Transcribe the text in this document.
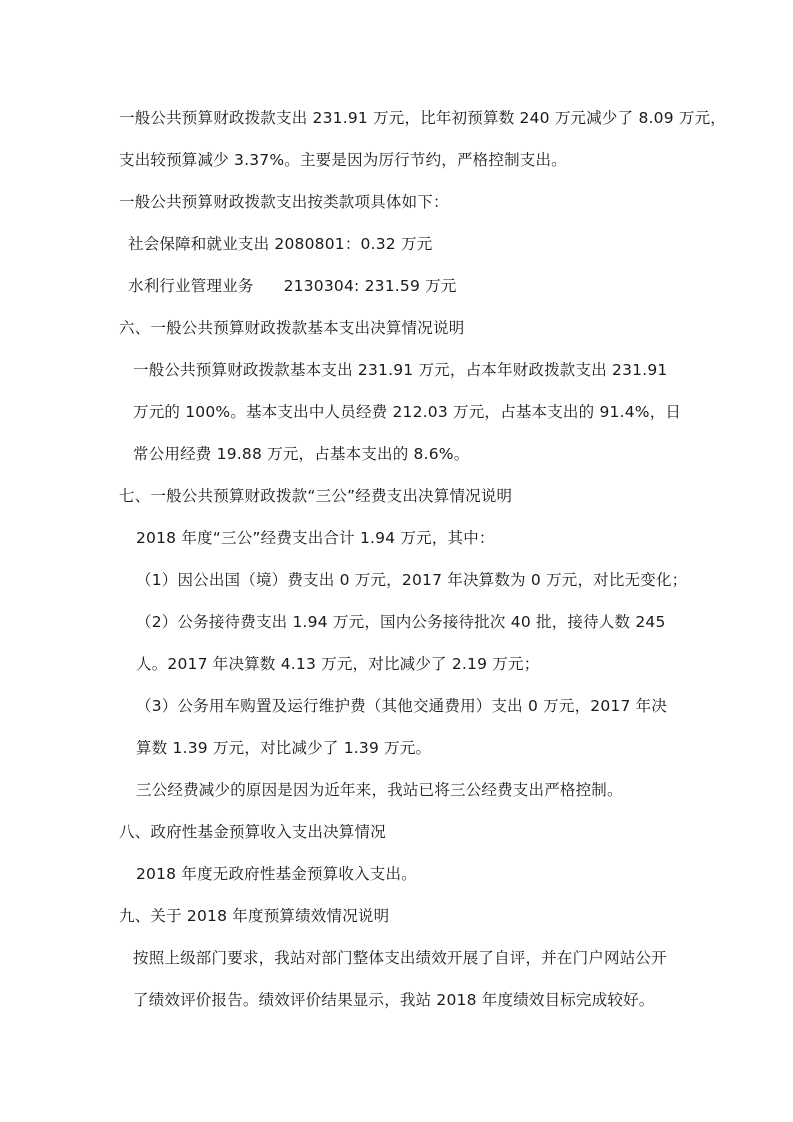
一般公共预算财政拨款支出 231.91 万元，比年初预算数 240 万元减少了 8.09 万元，
支出较预算减少 3.37%。主要是因为厉行节约，严格控制支出。
一般公共预算财政拨款支出按类款项具体如下：
社会保障和就业支出 2080801：0.32 万元
水利行业管理业务 2130304: 231.59 万元
六、一般公共预算财政拨款基本支出决算情况说明
一般公共预算财政拨款基本支出 231.91 万元，占本年财政拨款支出 231.91
万元的 100%。基本支出中人员经费 212.03 万元，占基本支出的 91.4%，日
常公用经费 19.88 万元，占基本支出的 8.6%。
七、一般公共预算财政拨款“三公”经费支出决算情况说明
2018 年度“三公”经费支出合计 1.94 万元，其中：
（1）因公出国（境）费支出 0 万元，2017 年决算数为 0 万元，对比无变化；
（2）公务接待费支出 1.94 万元，国内公务接待批次 40 批，接待人数 245
人。2017 年决算数 4.13 万元，对比减少了 2.19 万元；
（3）公务用车购置及运行维护费（其他交通费用）支出 0 万元，2017 年决
算数 1.39 万元，对比减少了 1.39 万元。
三公经费减少的原因是因为近年来，我站已将三公经费支出严格控制。
八、政府性基金预算收入支出决算情况
2018 年度无政府性基金预算收入支出。
九、关于 2018 年度预算绩效情况说明
按照上级部门要求，我站对部门整体支出绩效开展了自评，并在门户网站公开
了绩效评价报告。绩效评价结果显示，我站 2018 年度绩效目标完成较好。
